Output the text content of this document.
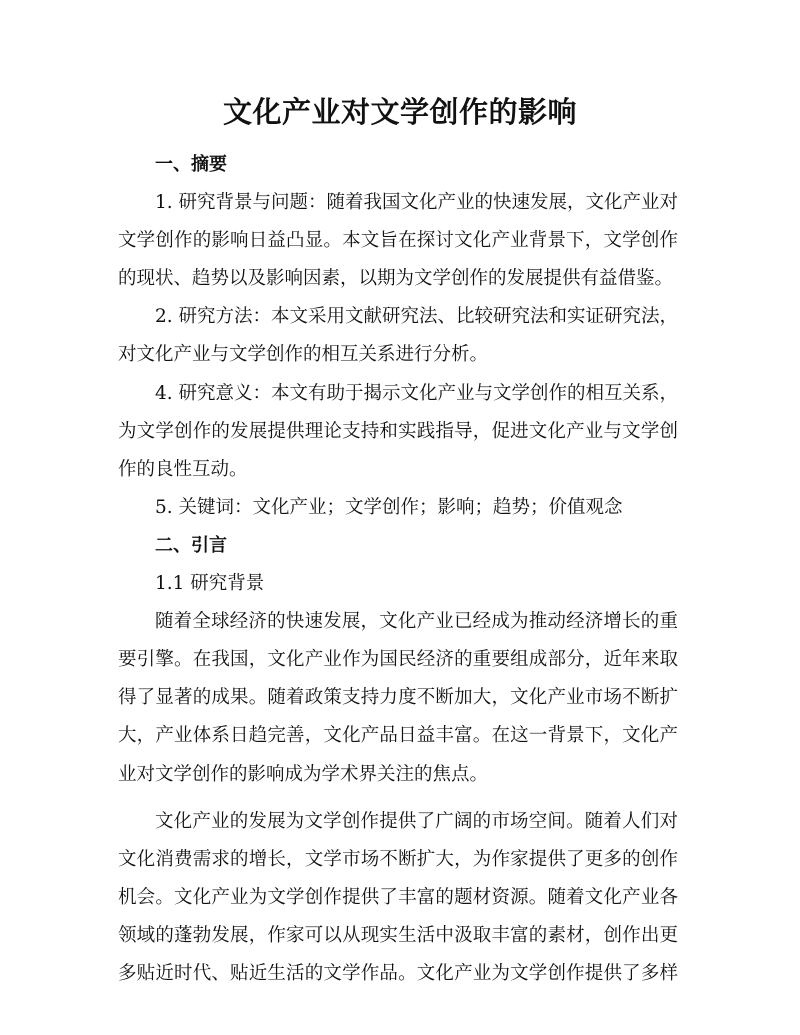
文化产业对文学创作的影响
一、摘要
1. 研究背景与问题：随着我国文化产业的快速发展，文化产业对
文学创作的影响日益凸显。本文旨在探讨文化产业背景下，文学创作
的现状、趋势以及影响因素，以期为文学创作的发展提供有益借鉴。
2. 研究方法：本文采用文献研究法、比较研究法和实证研究法，
对文化产业与文学创作的相互关系进行分析。
4. 研究意义：本文有助于揭示文化产业与文学创作的相互关系，
为文学创作的发展提供理论支持和实践指导，促进文化产业与文学创
作的良性互动。
5. 关键词：文化产业；文学创作；影响；趋势；价值观念
二、引言
1.1 研究背景
随着全球经济的快速发展，文化产业已经成为推动经济增长的重
要引擎。在我国，文化产业作为国民经济的重要组成部分，近年来取
得了显著的成果。随着政策支持力度不断加大，文化产业市场不断扩
大，产业体系日趋完善，文化产品日益丰富。在这一背景下，文化产
业对文学创作的影响成为学术界关注的焦点。
文化产业的发展为文学创作提供了广阔的市场空间。随着人们对
文化消费需求的增长，文学市场不断扩大，为作家提供了更多的创作
机会。文化产业为文学创作提供了丰富的题材资源。随着文化产业各
领域的蓬勃发展，作家可以从现实生活中汲取丰富的素材，创作出更
多贴近时代、贴近生活的文学作品。文化产业为文学创作提供了多样
